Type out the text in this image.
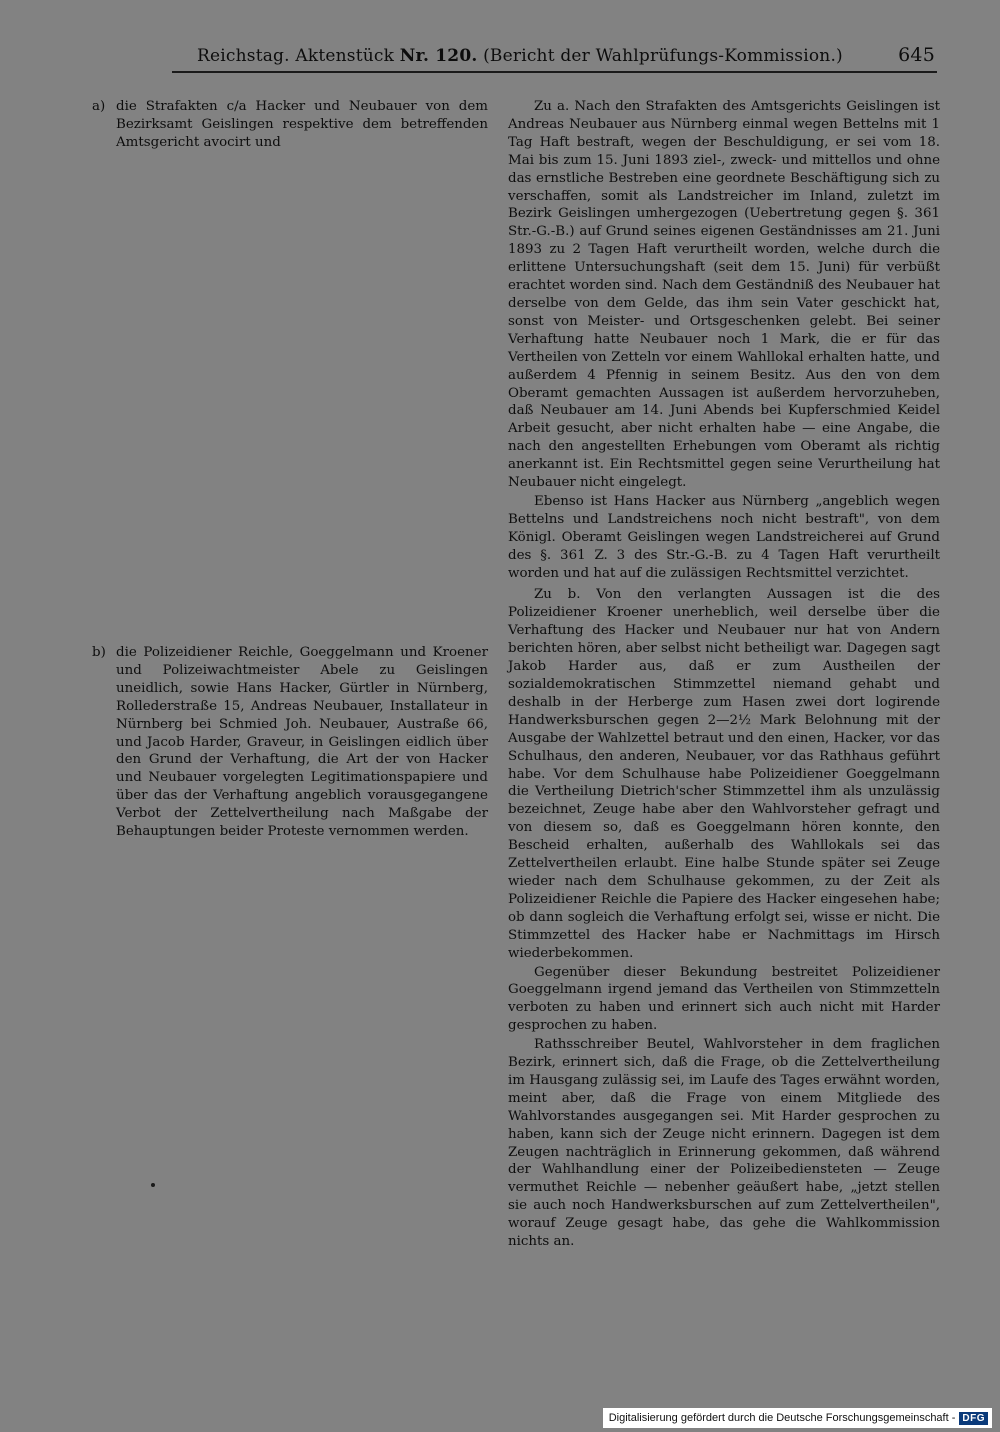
Reichstag. Aktenstück Nr. 120. (Bericht der Wahlprüfungs-Kommission.)	645
a) die Strafakten c/a Hacker und Neubauer von dem Bezirksamt Geislingen respektive dem betreffenden Amtsgericht avocirt und

b) die Polizeidiener Reichle, Goeggelmann und Kroener und Polizeiwachtmeister Abele zu Geislingen uneidlich, sowie Hans Hacker, Gürtler in Nürnberg, Rollederstraße 15, Andreas Neubauer, Installateur in Nürnberg bei Schmied Joh. Neubauer, Austraße 66, und Jacob Harder, Graveur, in Geislingen eidlich über den Grund der Verhaftung, die Art der von Hacker und Neubauer vorgelegten Legitimationspapiere und über das der Verhaftung angeblich vorausgegangene Verbot der Zettelvertheilung nach Maßgabe der Behauptungen beider Proteste vernommen werden.

Zu a. Nach den Strafakten des Amtsgerichts Geislingen ist Andreas Neubauer aus Nürnberg einmal wegen Bettelns mit 1 Tag Haft bestraft, wegen der Beschuldigung, er sei vom 18. Mai bis zum 15. Juni 1893 ziel-, zweck- und mittellos und ohne das ernstliche Bestreben eine geordnete Beschäftigung sich zu verschaffen, somit als Landstreicher im Inland, zuletzt im Bezirk Geislingen umhergezogen (Uebertretung gegen §. 361 Str.-G.-B.) auf Grund seines eigenen Geständnisses am 21. Juni 1893 zu 2 Tagen Haft verurtheilt worden, welche durch die erlittene Untersuchungshaft (seit dem 15. Juni) für verbüßt erachtet worden sind. Nach dem Geständniß des Neubauer hat derselbe von dem Gelde, das ihm sein Vater geschickt hat, sonst von Meister- und Ortsgeschenken gelebt. Bei seiner Verhaftung hatte Neubauer noch 1 Mark, die er für das Vertheilen von Zetteln vor einem Wahllokal erhalten hatte, und außerdem 4 Pfennig in seinem Besitz. Aus den von dem Oberamt gemachten Aussagen ist außerdem hervorzuheben, daß Neubauer am 14. Juni Abends bei Kupferschmied Keidel Arbeit gesucht, aber nicht erhalten habe — eine Angabe, die nach den angestellten Erhebungen vom Oberamt als richtig anerkannt ist. Ein Rechtsmittel gegen seine Verurtheilung hat Neubauer nicht eingelegt.

Ebenso ist Hans Hacker aus Nürnberg „angeblich wegen Bettelns und Landstreichens noch nicht bestraft", von dem Königl. Oberamt Geislingen wegen Landstreicherei auf Grund des §. 361 Z. 3 des Str.-G.-B. zu 4 Tagen Haft verurtheilt worden und hat auf die zulässigen Rechtsmittel verzichtet.

Zu b. Von den verlangten Aussagen ist die des Polizeidiener Kroener unerheblich, weil derselbe über die Verhaftung des Hacker und Neubauer nur hat von Andern berichten hören, aber selbst nicht betheiligt war. Dagegen sagt Jakob Harder aus, daß er zum Austheilen der sozialdemokratischen Stimmzettel niemand gehabt und deshalb in der Herberge zum Hasen zwei dort logirende Handwerksburschen gegen 2—2½ Mark Belohnung mit der Ausgabe der Wahlzettel betraut und den einen, Hacker, vor das Schulhaus, den anderen, Neubauer, vor das Rathhaus geführt habe. Vor dem Schulhause habe Polizeidiener Goeggelmann die Vertheilung Dietrich'scher Stimmzettel ihm als unzulässig bezeichnet, Zeuge habe aber den Wahlvorsteher gefragt und von diesem so, daß es Goeggelmann hören konnte, den Bescheid erhalten, außerhalb des Wahllokals sei das Zettelvertheilen erlaubt. Eine halbe Stunde später sei Zeuge wieder nach dem Schulhause gekommen, zu der Zeit als Polizeidiener Reichle die Papiere des Hacker eingesehen habe; ob dann sogleich die Verhaftung erfolgt sei, wisse er nicht. Die Stimmzettel des Hacker habe er Nachmittags im Hirsch wiederbekommen.

Gegenüber dieser Bekundung bestreitet Polizeidiener Goeggelmann irgend jemand das Vertheilen von Stimmzetteln verboten zu haben und erinnert sich auch nicht mit Harder gesprochen zu haben.

Rathsschreiber Beutel, Wahlvorsteher in dem fraglichen Bezirk, erinnert sich, daß die Frage, ob die Zettelvertheilung im Hausgang zulässig sei, im Laufe des Tages erwähnt worden, meint aber, daß die Frage von einem Mitgliede des Wahlvorstandes ausgegangen sei. Mit Harder gesprochen zu haben, kann sich der Zeuge nicht erinnern. Dagegen ist dem Zeugen nachträglich in Erinnerung gekommen, daß während der Wahlhandlung einer der Polizeibediensteten — Zeuge vermuthet Reichle — nebenher geäußert habe, „jetzt stellen sie auch noch Handwerksburschen auf zum Zettelvertheilen", worauf Zeuge gesagt habe, das gehe die Wahlkommission nichts an.

Digitalisierung gefördert durch die Deutsche Forschungsgemeinschaft - DFG
